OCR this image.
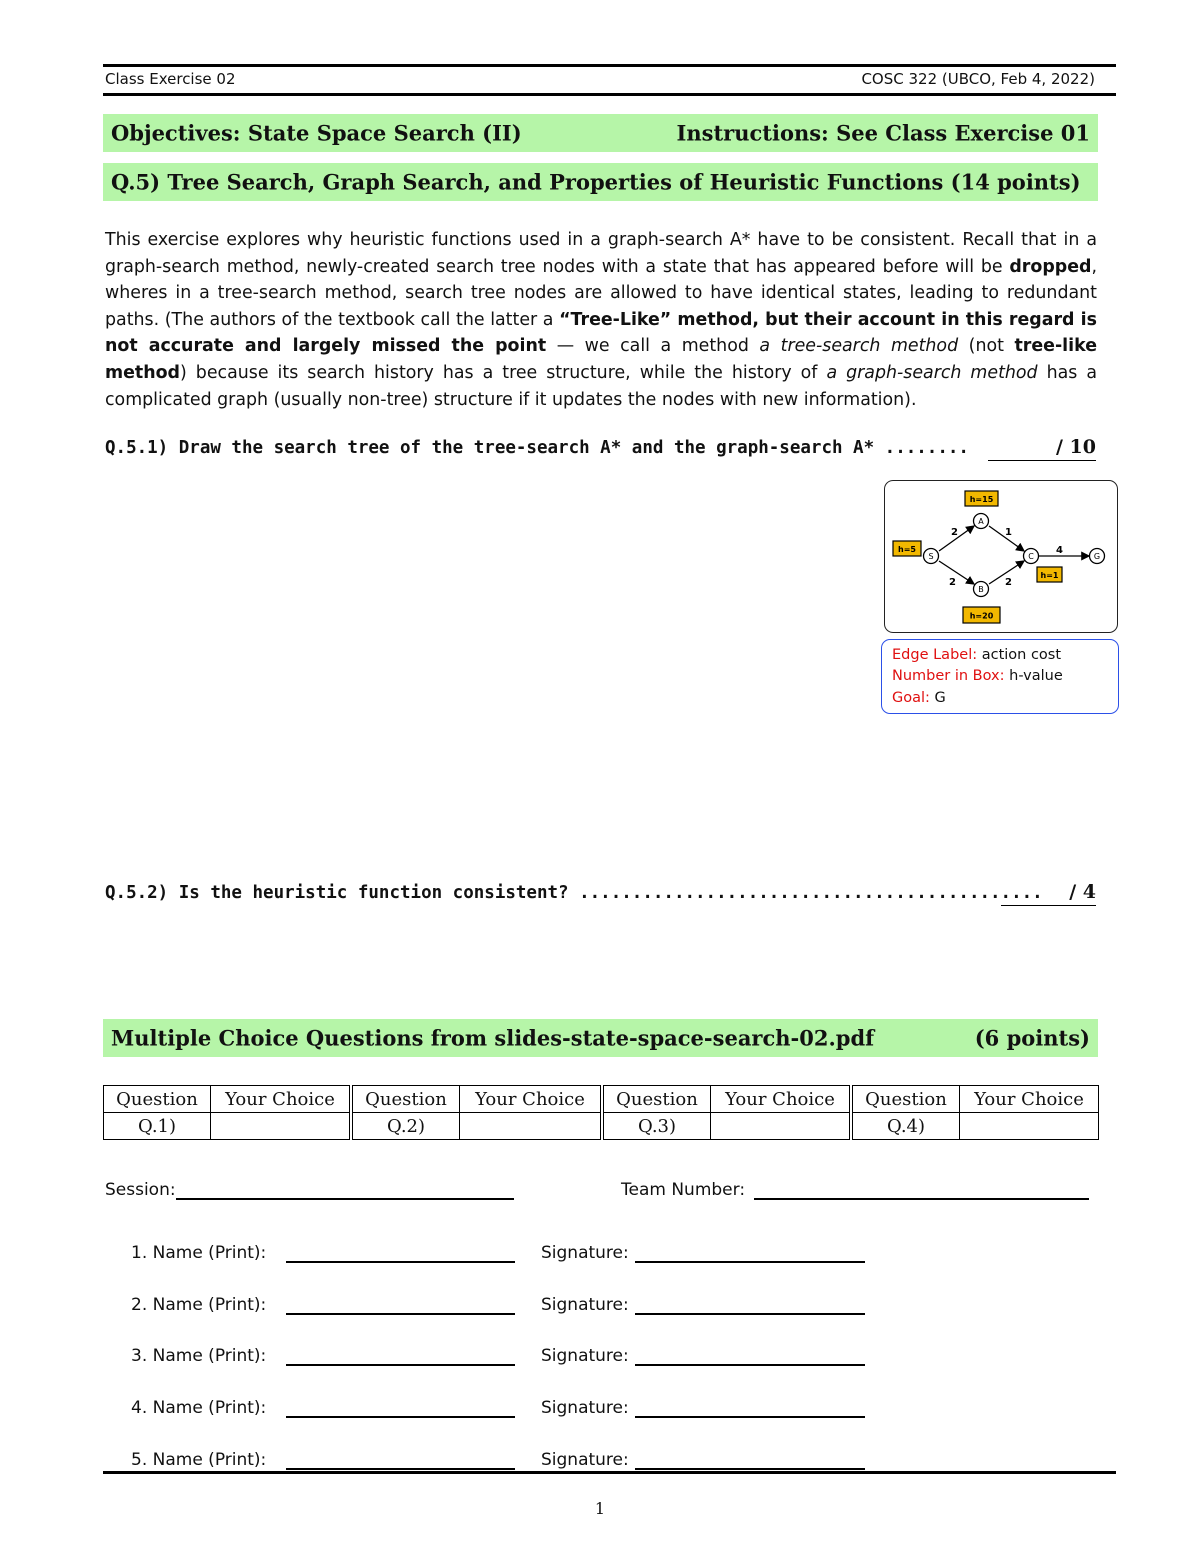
Class Exercise 02	COSC 322 (UBCO, Feb 4, 2022)
Objectives: State Space Search (II)	Instructions: See Class Exercise 01
Q.5) Tree Search, Graph Search, and Properties of Heuristic Functions (14 points)
This exercise explores why heuristic functions used in a graph-search A* have to be consistent. Recall that in a graph-search method, newly-created search tree nodes with a state that has appeared before will be dropped, wheres in a tree-search method, search tree nodes are allowed to have identical states, leading to redundant paths. (The authors of the textbook call the latter a “Tree-Like” method, but their account in this regard is not accurate and largely missed the point — we call a method a tree-search method (not tree-like method) because its search history has a tree structure, while the history of a graph-search method has a complicated graph (usually non-tree) structure if it updates the nodes with new information).
Q.5.1) Draw the search tree of the tree-search A* and the graph-search A* ........	/ 10
S
A
B
C	G
2
2
1
2
4
h=5
h=15
h=20
h=1
Edge Label: action cost
Number in Box: h-value
Goal: G
Q.5.2) Is the heuristic function consistent? ............................................	/ 4
Multiple Choice Questions from slides-state-space-search-02.pdf	(6 points)
Question	Your Choice	Question	Your Choice	Question	Your Choice	Question	Your Choice
Q.1)		Q.2)		Q.3)		Q.4)	
Session:	Team Number:
1. Name (Print):	Signature:
2. Name (Print):	Signature:
3. Name (Print):	Signature:
4. Name (Print):	Signature:
5. Name (Print):	Signature:
1
